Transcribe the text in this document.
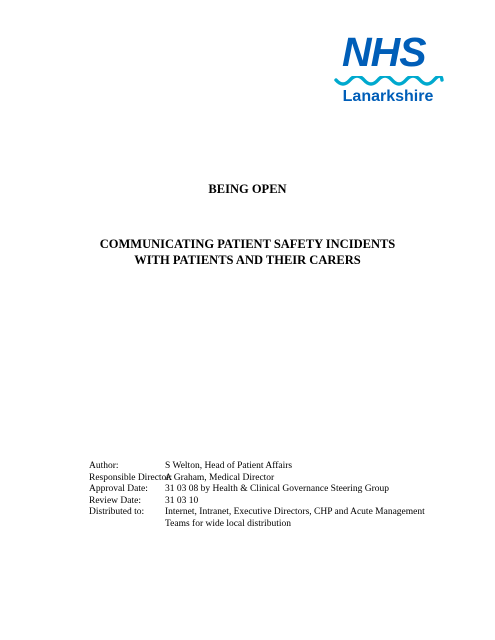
NHS
Lanarkshire
BEING OPEN
COMMUNICATING PATIENT SAFETY INCIDENTS
WITH PATIENTS AND THEIR CARERS
Author:	S Welton, Head of Patient Affairs
Responsible Director:
A Graham, Medical Director
Approval Date:	31 03 08 by Health & Clinical Governance Steering Group
Review Date:	31 03 10
Distributed to:	Internet, Intranet, Executive Directors, CHP and Acute Management Teams for wide local distribution
